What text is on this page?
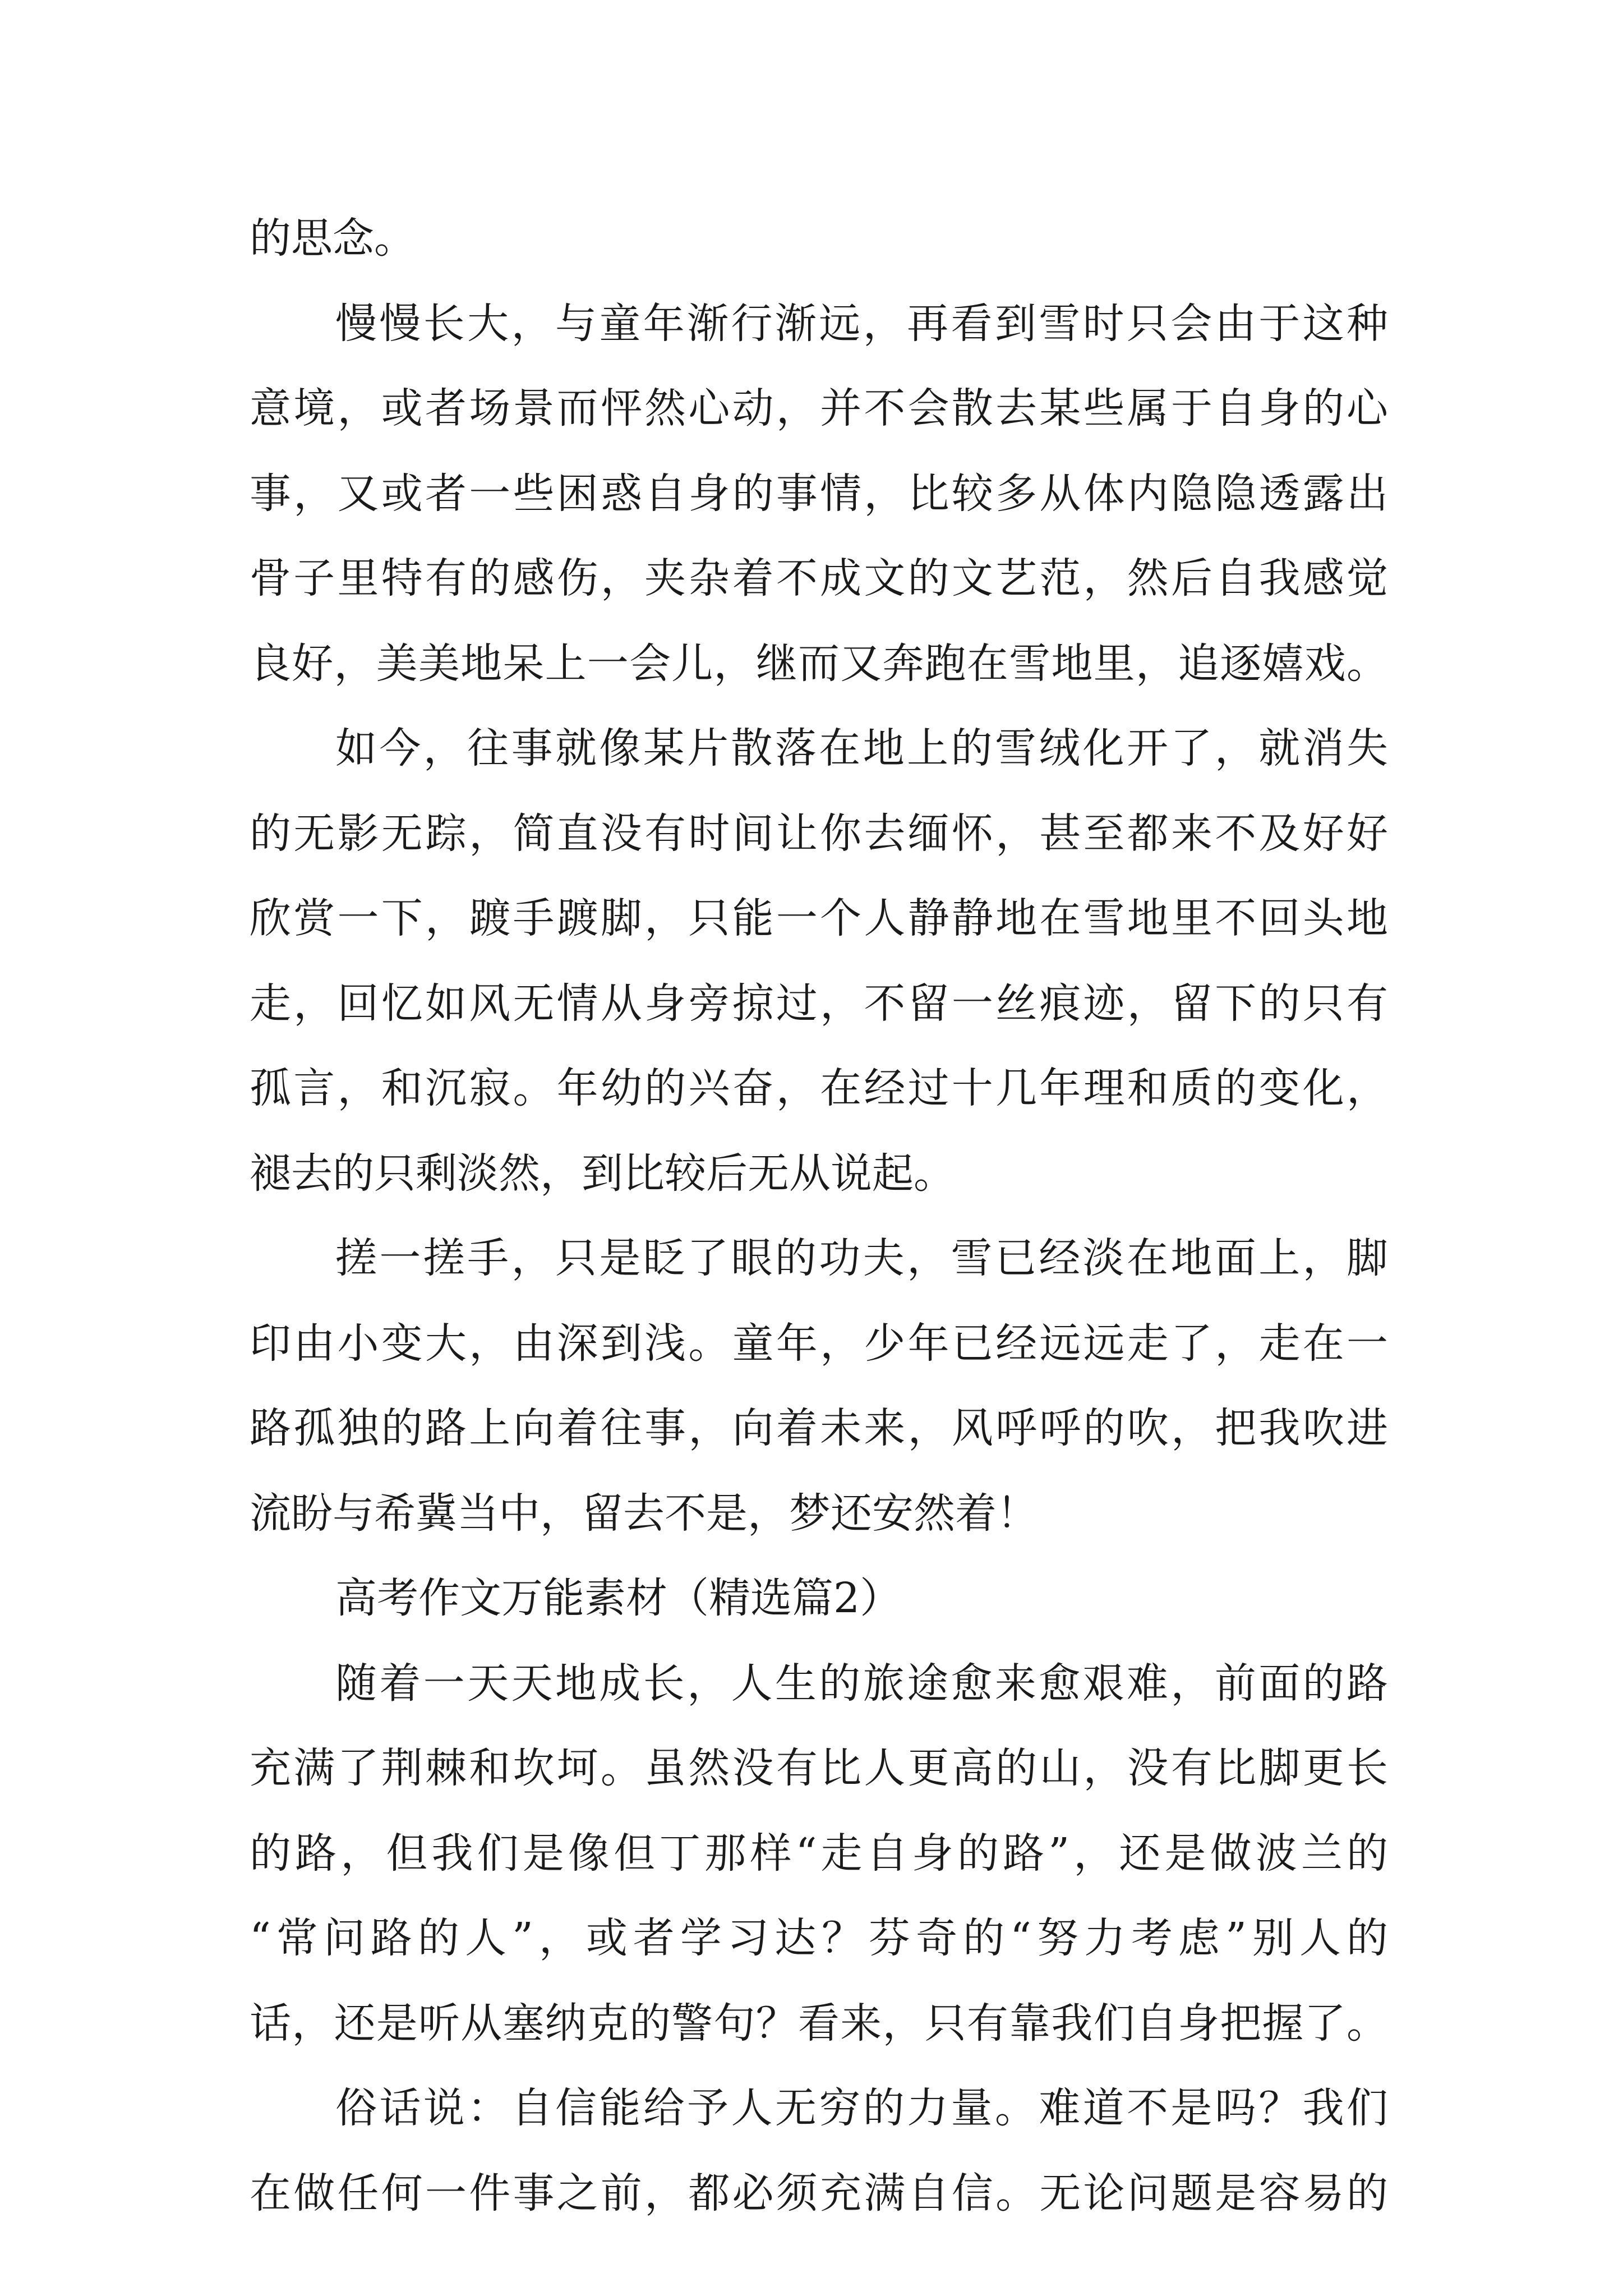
的思念。
慢慢长大，与童年渐行渐远，再看到雪时只会由于这种
意境，或者场景而怦然心动，并不会散去某些属于自身的心
事，又或者一些困惑自身的事情，比较多从体内隐隐透露出
骨子里特有的感伤，夹杂着不成文的文艺范，然后自我感觉
良好，美美地呆上一会儿，继而又奔跑在雪地里，追逐嬉戏。
如今，往事就像某片散落在地上的雪绒化开了，就消失
的无影无踪，简直没有时间让你去缅怀，甚至都来不及好好
欣赏一下，踱手踱脚，只能一个人静静地在雪地里不回头地
走，回忆如风无情从身旁掠过，不留一丝痕迹，留下的只有
孤言，和沉寂。年幼的兴奋，在经过十几年理和质的变化，
褪去的只剩淡然，到比较后无从说起。
搓一搓手，只是眨了眼的功夫，雪已经淡在地面上，脚
印由小变大，由深到浅。童年，少年已经远远走了，走在一
路孤独的路上向着往事，向着未来，风呼呼的吹，把我吹进
流盼与希冀当中，留去不是，梦还安然着！
高考作文万能素材（精选篇2）
随着一天天地成长，人生的旅途愈来愈艰难，前面的路
充满了荆棘和坎坷。虽然没有比人更高的山，没有比脚更长
的路，但我们是像但丁那样“走自身的路”，还是做波兰的
“常问路的人”，或者学习达？芬奇的“努力考虑”别人的
话，还是听从塞纳克的警句？看来，只有靠我们自身把握了。
俗话说：自信能给予人无穷的力量。难道不是吗？我们
在做任何一件事之前，都必须充满自信。无论问题是容易的
